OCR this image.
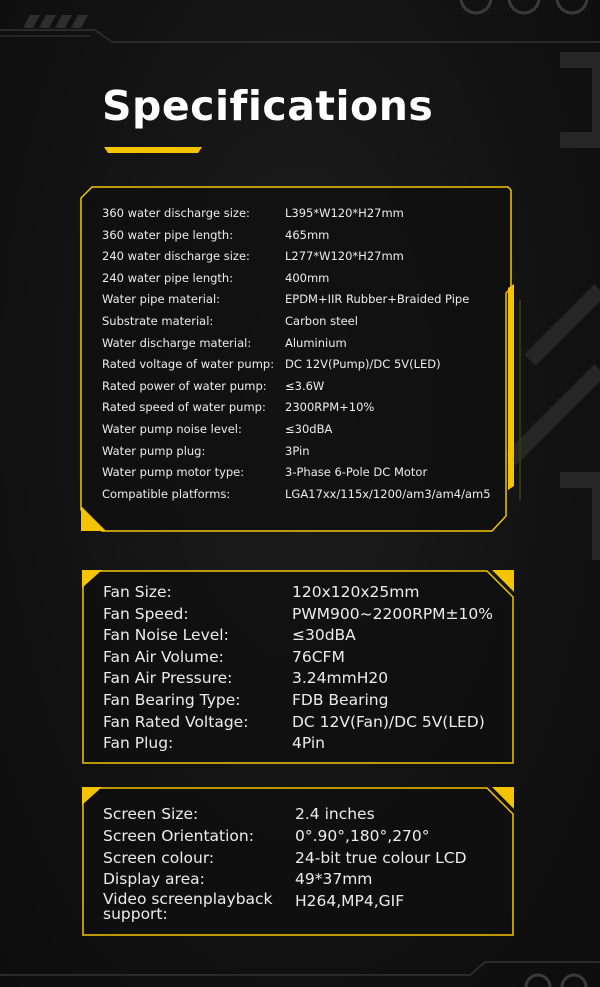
Specifications
360 water discharge size:	L395*W120*H27mm
360 water pipe length:	465mm
240 water discharge size:	L277*W120*H27mm
240 water pipe length:	400mm
Water pipe material:	EPDM+IIR Rubber+Braided Pipe
Substrate material:	Carbon steel
Water discharge material:	Aluminium
Rated voltage of water pump: DC 12V(Pump)/DC 5V(LED)
Rated power of water pump: ≤3.6W
Rated speed of water pump: 2300RPM+10%
Water pump noise level:	≤30dBA
Water pump plug:	3Pin
Water pump motor type:	3-Phase 6-Pole DC Motor
Compatible platforms:	LGA17xx/115x/1200/am3/am4/am5
Fan Size:	120x120x25mm
Fan Speed:	PWM900~2200RPM±10%
Fan Noise Level:	≤30dBA
Fan Air Volume:	76CFM
Fan Air Pressure:	3.24mmH20
Fan Bearing Type:	FDB Bearing
Fan Rated Voltage:	DC 12V(Fan)/DC 5V(LED)
Fan Plug:	4Pin
Screen Size:	2.4 inches
Screen Orientation:	0°.90°,180°,270°
Screen colour:	24-bit true colour LCD
Display area:	49*37mm
Video screenplayback support:
H264,MP4,GIF
